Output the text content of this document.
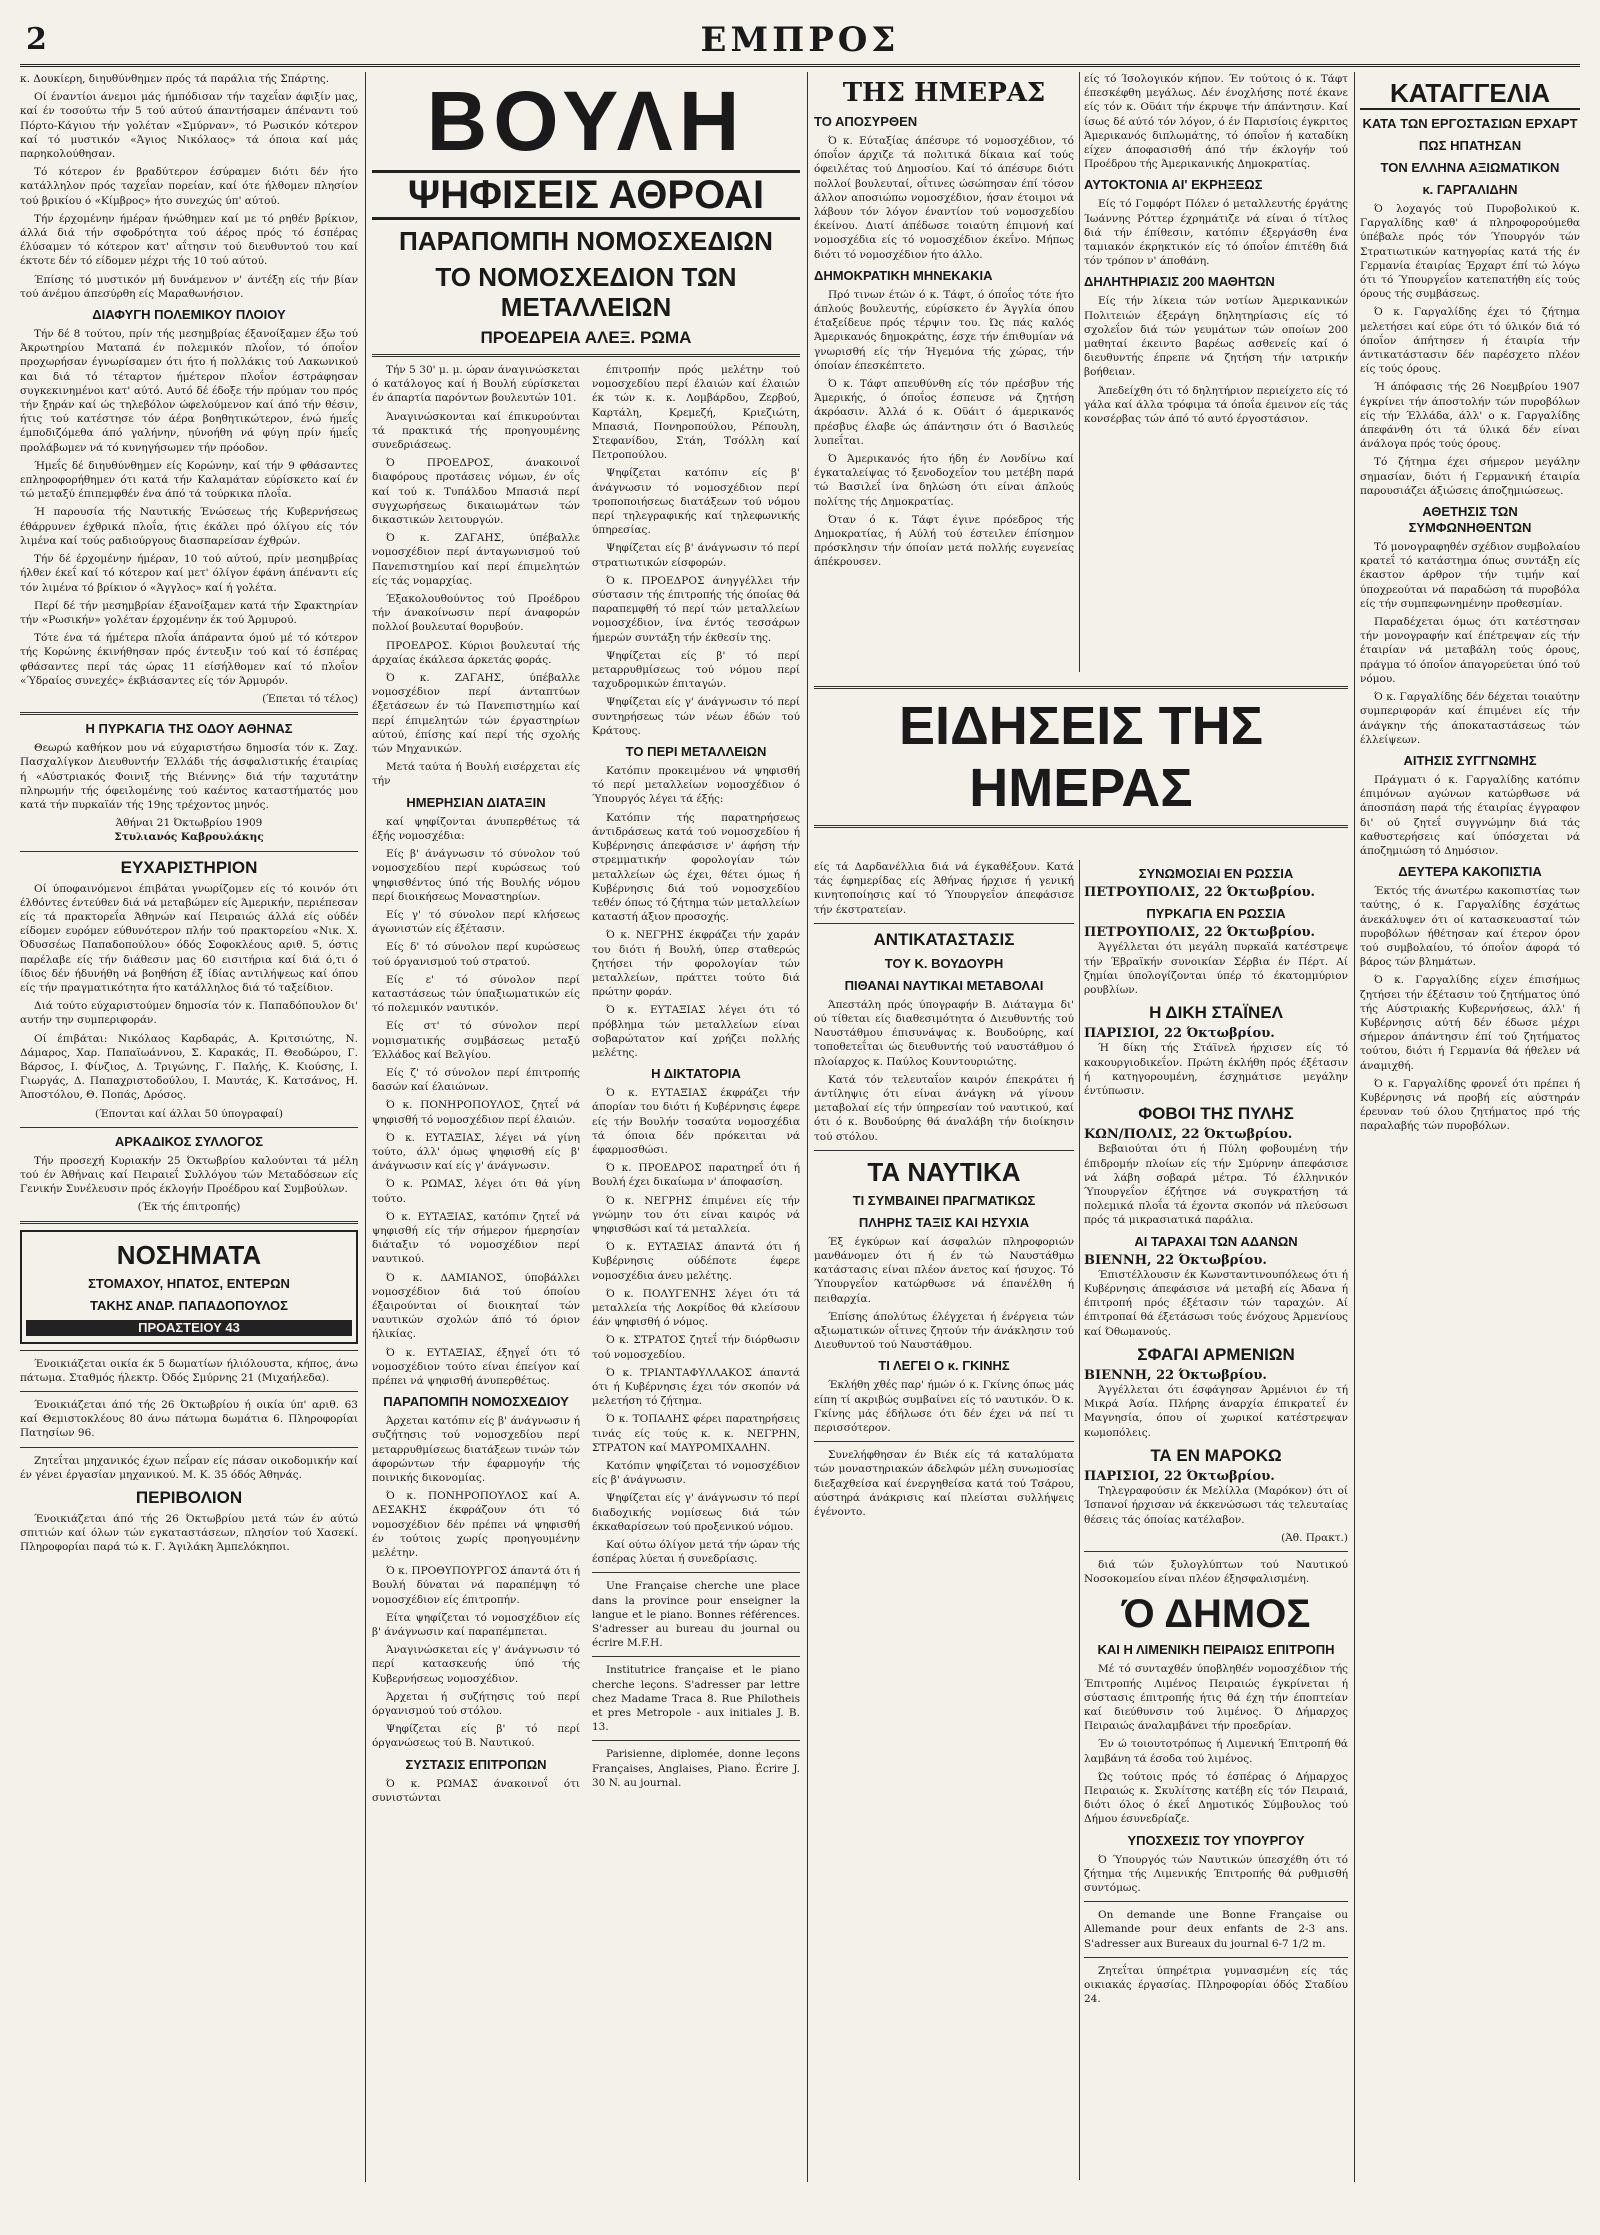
2	ΕΜΠΡΟΣ

κ. Δουκίερη, διηυθύνθημεν πρός τά παράλια τής Σπάρτης.

Οί έναντίοι άνεμοι μάς ήμπόδισαν τήν ταχεΐαν άφιξίν μας, καί έν τοσούτω τήν 5 τού αύτού άπαντήσαμεν άπέναντι τού Πόρτο-Κάγιου τήν γολέταν «Σμύρναν», τό Ρωσικόν κότερον καί τό μυστικόν «Άγιος Νικόλαος» τά όποια καί μάς παρηκολούθησαν.

Τό κότερον έν βραδύτερον έσύραμεν διότι δέν ήτο κατάλληλον πρός ταχεΐαν πορείαν, καί ότε ήλθομεν πλησίον τού βρικίου ό «Κίμβρος» ήτο συνεχώς ύπ' αύτού.

Τήν έρχομένην ήμέραν ήνώθημεν καί με τό ρηθέν βρίκιον, άλλά διά τήν σφοδρότητα τού άέρος πρός τό έσπέρας έλύσαμεν τό κότερον κατ' αΐτησιν τού διευθυντού του καί έκτοτε δέν τό είδομεν μέχρι τής 10 τού αύτού.

Έπίσης τό μυστικόν μή δυνάμενον ν' άντέξη είς τήν βίαν τού άνέμου άπεσύρθη είς Μαραθωνήσιον.

ΔΙΑΦΥΓΗ ΠΟΛΕΜΙΚΟΥ ΠΛΟΙΟΥ

Τήν δέ 8 τούτου, πρίν τής μεσημβρίας έξανοίξαμεν έξω τού Άκρωτηρίου Ματαπά έν πολεμικόν πλοΐον, τό όποΐον προχωρήσαν έγνωρίσαμεν ότι ήτο ή πολλάκις τού Λακωνικού και διά τό τέταρτον ήμέτερον πλοΐον έστράφησαν συγκεκινημένοι κατ' αύτό. Αυτό δέ έδοξε τήν πρύμαν του πρός τήν ξηράν καί ώς τηλεβόλον ώφελούμενον καί άπό τήν θέσιν, ήτις τού κατέστησε τόν άέρα βοηθητικώτερον, ένώ ήμεΐς έμποδιζόμεθα άπό γαλήνην, ηύνοήθη νά φύγη πρίν ήμεΐς προλάβωμεν νά τό κυνηγήσωμεν τήν πρόοδον.

Ήμεΐς δέ διηυθύνθημεν είς Κορώνην, καί τήν 9 φθάσαντες επληροφορήθημεν ότι κατά τήν Καλαμάταν εύρίσκετο καί έν τώ μεταξύ έπιπεμφθέν ένα άπό τά τούρκικα πλοΐα.

Ή παρουσία τής Ναυτικής Ένώσεως τής Κυβερνήσεως έθάρρυνεν έχθρικά πλοΐα, ήτις έκάλει πρό όλίγου είς τόν λιμένα καί τούς ραδιούργους διασπαρείσαν έχθρών.

Τήν δέ έρχομένην ήμέραν, 10 τού αύτού, πρίν μεσημβρίας ήλθεν έκεΐ καί τό κότερον καί μετ' όλίγον έφάνη άπέναντι είς τόν λιμένα τό βρίκιον ό «Άγγλος» καί ή γολέτα.

Περί δέ τήν μεσημβρίαν έξανοίξαμεν κατά τήν Σφακτηρίαν τήν «Ρωσικήν» γολέταν έρχομένην έκ τού Άρμυρού.

Τότε ένα τά ήμέτερα πλοΐα άπάραντα όμού μέ τό κότερον τής Κορώνης έκινήθησαν πρός έντευξιν τού καί τό έσπέρας φθάσαντες περί τάς ώρας 11 είσήλθομεν καί τό πλοΐον «Ύδραίος συνεχές» έκβιάσαντες είς τόν Άρμυρόν.

(Έπεται τό τέλος)
Η ΠΥΡΚΑΓΙΑ ΤΗΣ ΟΔΟΥ ΑΘΗΝΑΣ

Θεωρώ καθήκον μου νά εύχαριστήσω δημοσία τόν κ. Ζαχ. Πασχαλίγκον Διευθυντήν Έλλάδι τής άσφαλιστικής έταιρίας ή «Αύστριακός Φοινιξ τής Βιέννης» διά τήν ταχυτάτην πληρωμήν τής όφειλομένης τού καέντος καταστήματός μου κατά τήν πυρκαϊάν τής 19ης τρέχοντος μηνός.

Άθήναι 21 Όκτωβρίου 1909
Στυλιανός Καβρουλάκης
ΕΥΧΑΡΙΣΤΗΡΙΟΝ

Οί ύποφαινόμενοι έπιβάται γνωρίζομεν είς τό κοινόν ότι έλθόντες έντεύθεν διά νά μεταβώμεν είς Άμερικήν, περιέπεσαν είς τά πρακτορεΐα Άθηνών καί Πειραιώς άλλά είς ούδέν είδομεν ευρόμεν εύθυνότερον πλήν τού πρακτορείου «Νικ. Χ. Όδυσσέως Παπαδοπούλου» όδός Σοφοκλέους αριθ. 5, όστις παρέλαβε είς τήν διάθεσιν μας 60 εισιτήρια καί διά ό,τι ό ίδιος δέν ήδυνήθη νά βοηθήση έξ ίδίας αντιλήψεως καί όπου είς τήν πραγματικότητα ήτο κατάλληλος διά τό ταξείδιον.

Διά τούτο εύχαριστούμεν δημοσία τόν κ. Παπαδόπουλον δι' αυτήν την συμπεριφοράν.

Οί έπιβάται: Νικόλαος Καρδαράς, Α. Κριτσιώτης, Ν. Δάμαρος, Χαρ. Παπαϊωάννου, Σ. Καρακάς, Π. Θεοδώρου, Γ. Βάρσος, Ι. Φίνζιος, Δ. Τριγώνης, Γ. Παλής, Κ. Κιούσης, Ι. Γιωργάς, Δ. Παπαχριστοδούλου, Ι. Μαυτάς, Κ. Κατσάνος, Η. Άποστόλου, Θ. Ποπάς, Δρόσος.

(Έπονται καί άλλαι 50 ύπογραφαί)
ΑΡΚΑΔΙΚΟΣ ΣΥΛΛΟΓΟΣ

Τήν προσεχή Κυριακήν 25 Όκτωβρίου καλούνται τά μέλη τού έν Άθήναις καί Πειραιεΐ Συλλόγου τών Μεταδόσεων είς Γενικήν Συνέλευσιν πρός έκλογήν Προέδρου καί Συμβούλων.

(Έκ τής έπιτροπής)
ΝΟΣΗΜΑΤΑ
ΣΤΟΜΑΧΟΥ, ΗΠΑΤΟΣ, ΕΝΤΕΡΩΝ
ΤΑΚΗΣ ΑΝΔΡ. ΠΑΠΑΔΟΠΟΥΛΟΣ
ΠΡΟΑΣΤΕΙΟΥ 43

Ένοικιάζεται οικία έκ 5 δωματίων ήλιόλουστα, κήπος, άνω πάτωμα. Σταθμός ήλεκτρ. Όδός Σμύρνης 21 (Μιχαήλεδα).

Ένοικιάζεται άπό τής 26 Όκτωβρίου ή οικία ύπ' αριθ. 63 καί Θεμιστοκλέους 80 άνω πάτωμα δωμάτια 6. Πληροφορίαι Πατησίων 96.

Ζητεΐται μηχανικός έχων πεΐραν είς πάσαν οικοδομικήν καί έν γένει έργασίαν μηχανικού. Μ. Κ. 35 όδός Άθηνάς.

ΠΕΡΙΒΟΛΙΟΝ

Ένοικιάζεται άπό τής 26 Όκτωβρίου μετά τών έν αύτώ σπιτιών καί όλων τών εγκαταστάσεων, πλησίον τού Χασεκί. Πληροφορίαι παρά τώ κ. Γ. Άγιλάκη Άμπελόκηποι.

ΒΟΥΛΗ
ΨΗΦΙΣΕΙΣ ΑΘΡΟΑΙ
ΠΑΡΑΠΟΜΠΗ ΝΟΜΟΣΧΕΔΙΩΝ
ΤΟ ΝΟΜΟΣΧΕΔΙΟΝ ΤΩΝ ΜΕΤΑΛΛΕΙΩΝ
ΠΡΟΕΔΡΕΙΑ ΑΛΕΞ. ΡΩΜΑ

Τήν 5 30' μ. μ. ώραν άναγινώσκεται ό κατάλογος καί ή Βουλή εύρίσκεται έν άπαρτία παρόντων βουλευτών 101.

Άναγινώσκονται καί έπικυρούνται τά πρακτικά τής προηγουμένης συνεδριάσεως.

Ό ΠΡΟΕΔΡΟΣ, άνακοινοΐ διαφόρους προτάσεις νόμων, έν οΐς καί τού κ. Τυπάλδου Μπασιά περί συγχωρήσεως δικαιωμάτων τών δικαστικών λειτουργών.

Ό κ. ΖΑΓΑΗΣ, ύπέβαλλε νομοσχέδιον περί άνταγωνισμού τού Πανεπιστημίου καί περί έπιμελητών είς τάς νομαρχίας.

Έξακολουθούντος τού Προέδρου τήν άνακοίνωσιν περί άναφορών πολλοί βουλευταί θορυβούν.

ΠΡΟΕΔΡΟΣ. Κύριοι βουλευταί τής άρχαίας έκάλεσα άρκετάς φοράς.

Ό κ. ΖΑΓΑΗΣ, ύπέβαλλε νομοσχέδιον περί άνταπτύων έξετάσεων έν τώ Πανεπιστημίω καί περί έπιμελητών τών έργαστηρίων αύτού, έπίσης καί περί τής σχολής τών Μηχανικών.

Μετά ταύτα ή Βουλή εισέρχεται είς τήν

ΗΜΕΡΗΣΙΑΝ ΔΙΑΤΑΞΙΝ

καί ψηφίζονται άνυπερθέτως τά έξής νομοσχέδια:

Είς β' άνάγνωσιν τό σύνολον τού νομοσχεδίου περί κυρώσεως τού ψηφισθέντος ύπό τής Βουλής νόμου περί διοικήσεως Μοναστηρίων.

Είς γ' τό σύνολον περί κλήσεως άγωνιστών είς έξέτασιν.

Είς δ' τό σύνολον περί κυρώσεως τού όργανισμού τού στρατού.

Είς ε' τό σύνολον περί καταστάσεως τών ύπαξιωματικών είς τό πολεμικόν ναυτικόν.

Είς στ' τό σύνολον περί νομισματικής συμβάσεως μεταξύ Έλλάδος καί Βελγίου.

Είς ζ' τό σύνολον περί έπιτροπής δασών καί έλαιώνων.

Ό κ. ΠΟΝΗΡΟΠΟΥΛΟΣ, ζητεΐ νά ψηφισθή τό νομοσχέδιον περί έλαιών.

Ό κ. ΕΥΤΑΞΙΑΣ, λέγει νά γίνη τούτο, άλλ' όμως ψηφισθή είς β' άνάγνωσιν καί είς γ' άνάγνωσιν.

Ό κ. ΡΩΜΑΣ, λέγει ότι θά γίνη τούτο.

Ό κ. ΕΥΤΑΞΙΑΣ, κατόπιν ζητεΐ νά ψηφισθή είς τήν σήμερον ήμερησίαν διάταξιν τό νομοσχέδιον περί ναυτικού.

Ό κ. ΔΑΜΙΑΝΟΣ, ύποβάλλει νομοσχέδιον διά τού όποίου έξαιρούνται οί διοικηταί τών ναυτικών σχολών άπό τό όριον ήλικίας.

Ό κ. ΕΥΤΑΞΙΑΣ, έξηγεΐ ότι τό νομοσχέδιον τούτο είναι έπείγον καί πρέπει νά ψηφισθή άνυπερθέτως.

ΠΑΡΑΠΟΜΠΗ ΝΟΜΟΣΧΕΔΙΟΥ

Άρχεται κατόπιν είς β' άνάγνωσιν ή συζήτησις τού νομοσχεδίου περί μεταρρυθμίσεως διατάξεων τινών τών άφορώντων τήν έφαρμογήν τής ποινικής δικονομίας.

Ό κ. ΠΟΝΗΡΟΠΟΥΛΟΣ καί Α. ΔΕΣΑΚΗΣ έκφράζουν ότι τό νομοσχέδιον δέν πρέπει νά ψηφισθή έν τούτοις χωρίς προηγουμένην μελέτην.

Ό κ. ΠΡΟΘΥΠΟΥΡΓΟΣ άπαντά ότι ή Βουλή δύναται νά παραπέμψη τό νομοσχέδιον είς έπιτροπήν.

Είτα ψηφίζεται τό νομοσχέδιον είς β' άνάγνωσιν καί παραπέμπεται.

Άναγινώσκεται είς γ' άνάγνωσιν τό περί κατασκευής ύπό τής Κυβερνήσεως νομοσχέδιον.

Άρχεται ή συζήτησις τού περί όργανισμού τού στόλου.

Ψηφίζεται είς β' τό περί όργανώσεως τού Β. Ναυτικού.

ΣΥΣΤΑΣΙΣ ΕΠΙΤΡΟΠΩΝ

Ό κ. ΡΩΜΑΣ άνακοινοΐ ότι συνιστώνται

έπιτροπήν πρός μελέτην τού νομοσχεδίου περί έλαιών καί έλαιών έκ τών κ. κ. Λομβάρδου, Ζερβού, Καρτάλη, Κρεμεζή, Κριεζιώτη, Μπασιά, Πονηροπούλου, Ρέπουλη, Στεφανίδου, Στάη, Τσόλλη καί Πετροπούλου.

Ψηφίζεται κατόπιν είς β' άνάγνωσιν τό νομοσχέδιον περί τροποποιήσεως διατάξεων τού νόμου περί τηλεγραφικής καί τηλεφωνικής ύπηρεσίας.

Ψηφίζεται είς β' άνάγνωσιν τό περί στρατιωτικών είσφορών.

Ό κ. ΠΡΟΕΔΡΟΣ άνηγγέλλει τήν σύστασιν τής έπιτροπής τής όποίας θά παραπεμφθή τό περί τών μεταλλείων νομοσχέδιον, ίνα έντός τεσσάρων ήμερών συντάξη τήν έκθεσίν της.

Ψηφίζεται είς β' τό περί μεταρρυθμίσεως τού νόμου περί ταχυδρομικών έπιταγών.

Ψηφίζεται είς γ' άνάγνωσιν τό περί συντηρήσεως τών νέων έδών τού Κράτους.

ΤΟ ΠΕΡΙ ΜΕΤΑΛΛΕΙΩΝ

Κατόπιν προκειμένου νά ψηφισθή τό περί μεταλλείων νομοσχέδιον ό Ύπουργός λέγει τά έξής:

Κατόπιν τής παρατηρήσεως άντιδράσεως κατά τού νομοσχεδίου ή Κυβέρνησις άπεφάσισε ν' άφήση τήν στρεμματικήν φορολογίαν τών μεταλλείων ώς έχει, θέτει όμως ή Κυβέρνησις διά τού νομοσχεδίου τεθέν όπως τό ζήτημα τών μεταλλείων καταστή άξιον προσοχής.

Ό κ. ΝΕΓΡΗΣ έκφράζει τήν χαράν του διότι ή Βουλή, ύπερ σταθερώς ζητήσει τήν φορολογίαν τών μεταλλείων, πράττει τούτο διά πρώτην φοράν.

Ό κ. ΕΥΤΑΞΙΑΣ λέγει ότι τό πρόβλημα τών μεταλλείων είναι σοβαρώτατον καί χρήζει πολλής μελέτης.

Η ΔΙΚΤΑΤΟΡΙΑ

Ό κ. ΕΥΤΑΞΙΑΣ έκφράζει τήν άπορίαν του διότι ή Κυβέρνησις έφερε είς τήν Βουλήν τοσαύτα νομοσχέδια τά όποια δέν πρόκειται νά έφαρμοσθώσι.

Ό κ. ΠΡΟΕΔΡΟΣ παρατηρεΐ ότι ή Βουλή έχει δικαίωμα ν' άποφασίση.

Ό κ. ΝΕΓΡΗΣ έπιμένει είς τήν γνώμην του ότι είναι καιρός νά ψηφισθώσι καί τά μεταλλεία.

Ό κ. ΕΥΤΑΞΙΑΣ άπαντά ότι ή Κυβέρνησις ούδέποτε έφερε νομοσχέδια άνευ μελέτης.

Ό κ. ΠΟΛΥΓΕΝΗΣ λέγει ότι τά μεταλλεία τής Λοκρίδος θά κλείσουν έάν ψηφισθή ό νόμος.

Ό κ. ΣΤΡΑΤΟΣ ζητεΐ τήν διόρθωσιν τού νομοσχεδίου.

Ό κ. ΤΡΙΑΝΤΑΦΥΛΛΑΚΟΣ άπαντά ότι ή Κυβέρνησις έχει τόν σκοπόν νά μελετήση τό ζήτημα.

Ό κ. ΤΟΠΑΛΗΣ φέρει παρατηρήσεις τινάς είς τούς κ. κ. ΝΕΓΡΗΝ, ΣΤΡΑΤΟΝ καί ΜΑΥΡΟΜΙΧΑΛΗΝ.

Κατόπιν ψηφίζεται τό νομοσχέδιον είς β' άνάγνωσιν.

Ψηφίζεται είς γ' άνάγνωσιν τό περί διαδοχικής νομίσεως διά τών έκκαθαρίσεων τού προξενικού νόμου.

Καί ούτω όλίγον μετά τήν ώραν τής έσπέρας λύεται ή συνεδρίασις.

Une Française cherche une place dans la province pour enseigner la langue et le piano. Bonnes références. S'adresser au bureau du journal ou écrire M.F.H.

Institutrice française et le piano cherche leçons. S'adresser par lettre chez Madame Traca 8. Rue Philotheis et pres Metropole - aux initiales J. B. 13.

Parisienne, diplomée, donne leçons Françaises, Anglaises, Piano. Écrire J. 30 N. au journal.

ΤΗΣ ΗΜΕΡΑΣ
ΤΟ ΑΠΟΣΥΡΘΕΝ

Ό κ. Εύταξίας άπέσυρε τό νομοσχέδιον, τό όποΐον άρχιζε τά πολιτικά δίκαια καί τούς όφειλέτας τού Δημοσίου. Καί τό άπέσυρε διότι πολλοί βουλευταί, οΐτινες ώσώπησαν έπί τόσον άλλον αποσιώπω νομοσχέδιον, ήσαν έτοιμοι νά λάβουν τόν λόγον έναντίον τού νομοσχεδίου έκείνου. Διατί άπέδωσε τοιαύτη έπιμονή καί νομοσχέδια είς τό νομοσχέδιον έκεΐνο. Μήπως διότι τό νομοσχέδιον ήτο άλλο.

ΔΗΜΟΚΡΑΤΙΚΗ ΜΗΝΕΚΑΚΙΑ

Πρό τινων έτών ό κ. Τάφτ, ό όποΐος τότε ήτο άπλούς βουλευτής, εύρίσκετο έν Άγγλία όπου έταξείδευε πρός τέρψιν του. Ώς πάς καλός Άμερικανός δημοκράτης, έσχε τήν έπιθυμίαν νά γνωρισθή είς τήν Ήγεμόνα τής χώρας, τήν όποίαν έπεσκέπτετο.

Ό κ. Τάφτ απευθύνθη είς τόν πρέσβυν τής Άμερικής, ό όποΐος έσπευσε νά ζητήση άκρόασιν. Άλλά ό κ. Οϋάιτ ό άμερικανός πρέσβυς έλαβε ώς άπάντησιν ότι ό Βασιλεύς λυπεΐται.

Ό Άμερικανός ήτο ήδη έν Λονδίνω καί έγκαταλείψας τό ξενοδοχεΐον του μετέβη παρά τώ Βασιλεΐ ίνα δηλώση ότι είναι άπλούς πολίτης τής Δημοκρατίας.

Όταν ό κ. Τάφτ έγινε πρόεδρος τής Δημοκρατίας, ή Αύλή τού έστειλεν έπίσημον πρόσκλησιν τήν όποίαν μετά πολλής ευγενείας άπέκρουσεν.

είς τό Ίσολογικόν κήπον. Έν τούτοις ό κ. Τάφτ έπεσκέφθη μεγάλως. Δέν ένοχλήσης ποτέ έκανε είς τόν κ. Οϋάιτ τήν έκρυψε τήν άπάντησιν. Καί ίσως δέ αύτό τόν λόγον, ό έν Παρισίοις έγκριτος Άμερικανός διπλωμάτης, τό όποΐον ή καταδίκη είχεν άποφασισθή άπό τήν έκλογήν τού Προέδρου τής Άμερικανικής Δημοκρατίας.

ΑΥΤΟΚΤΟΝΙΑ ΑΙ' ΕΚΡΗΞΕΩΣ

Είς τό Γομφόρτ Πόλεν ό μεταλλευτής έργάτης Ίωάννης Ρόττερ έχρημάτιζε νά είναι ό τίτλος διά τήν έπίθεσιν, κατόπιν έξεργάσθη ένα ταμιακόν έκρηκτικόν είς τό όποΐον έπιτέθη διά τόν τρόπον ν' άποθάνη.

ΔΗΛΗΤΗΡΙΑΣΙΣ 200 ΜΑΘΗΤΩΝ

Είς τήν λίκεια τών νοτίων Άμερικανικών Πολιτειών έξεράγη δηλητηρίασις είς τό σχολεΐον διά τών γευμάτων τών οποίων 200 μαθηταί έκειντο βαρέως ασθενείς καί ό διευθυντής έπρεπε νά ζητήση τήν ιατρικήν βοήθειαν.

Άπεδείχθη ότι τό δηλητήριον περιείχετο είς τό γάλα καί άλλα τρόφιμα τά όποΐα έμεινον είς τάς κονσέρβας τών άπό τό αυτό έργοστάσιον.

ΕΙΔΗΣΕΙΣ ΤΗΣ ΗΜΕΡΑΣ

είς τά Δαρδανέλλια διά νά έγκαθέξουν. Κατά τάς έφημερίδας είς Άθήνας ήρχισε ή γενική κινητοποίησις καί τό Ύπουργεΐον άπεφάσισε τήν έκστρατείαν.

ΑΝΤΙΚΑΤΑΣΤΑΣΙΣ
ΤΟΥ Κ. ΒΟΥΔΟΥΡΗ
ΠΙΘΑΝΑΙ ΝΑΥΤΙΚΑΙ ΜΕΤΑΒΟΛΑΙ

Άπεστάλη πρός ύπογραφήν Β. Διάταγμα δι' ού τίθεται είς διαθεσιμότητα ό Διευθυντής τού Ναυστάθμου έπισυνάψας κ. Βουδούρης, καί τοποθετεΐται ώς διευθυντής τού ναυστάθμου ό πλοίαρχος κ. Παύλος Κουντουριώτης.

Κατά τόν τελευταΐον καιρόν έπεκράτει ή άντίληψις ότι είναι άνάγκη νά γίνουν μεταβολαί είς τήν ύπηρεσίαν τού ναυτικού, καί ότι ό κ. Βουδούρης θά άναλάβη τήν διοίκησιν τού στόλου.

ΤΑ ΝΑΥΤΙΚΑ
ΤΙ ΣΥΜΒΑΙΝΕΙ ΠΡΑΓΜΑΤΙΚΩΣ
ΠΛΗΡΗΣ ΤΑΞΙΣ ΚΑΙ ΗΣΥΧΙΑ

Έξ έγκύρων καί άσφαλών πληροφοριών μανθάνομεν ότι ή έν τώ Ναυστάθμω κατάστασις είναι πλέον άνετος καί ήσυχος. Τό Ύπουργεΐον κατώρθωσε νά έπανέλθη ή πειθαρχία.

Έπίσης άπολύτως έλέγχεται ή ένέργεια τών αξιωματικών οΐτινες ζητούν τήν άνάκλησιν τού Διευθυντού τού Ναυστάθμου.

ΤΙ ΛΕΓΕΙ Ο κ. ΓΚΙΝΗΣ

Έκλήθη χθές παρ' ήμών ό κ. Γκίνης όπως μάς είπη τί ακριβώς συμβαίνει είς τό ναυτικόν. Ό κ. Γκίνης μάς έδήλωσε ότι δέν έχει νά πεί τι περισσότερον.

Συνελήφθησαν έν Βιέκ είς τά καταλύματα τών μοναστηριακών άδελφών μέλη συνωμοσίας διεξαχθείσα καί ένεργηθείσα κατά τού Τσάρου, αύστηρά άνάκρισις καί πλείσται συλλήψεις έγένοντο.

ΣΥΝΩΜΟΣΙΑΙ ΕΝ ΡΩΣΣΙΑ
ΠΕΤΡΟΥΠΟΛΙΣ, 22 Όκτωβρίου.
ΠΥΡΚΑΓΙΑ ΕΝ ΡΩΣΣΙΑ
ΠΕΤΡΟΥΠΟΛΙΣ, 22 Όκτωβρίου.

Άγγέλλεται ότι μεγάλη πυρκαϊά κατέστρεψε τήν Έβραϊκήν συνοικίαν Σέρβια έν Πέρτ. Αί ζημίαι ύπολογίζονται ύπέρ τό έκατομμύριον ρουβλίων.

Η ΔΙΚΗ ΣΤΑΪΝΕΛ
ΠΑΡΙΣΙΟΙ, 22 Όκτωβρίου.

Ή δίκη τής Στάϊνελ ήρχισεν είς τό κακουργιοδικεΐον. Πρώτη έκλήθη πρός έξέτασιν ή κατηγορουμένη, έσχημάτισε μεγάλην έντύπωσιν.

ΦΟΒΟΙ ΤΗΣ ΠΥΛΗΣ
ΚΩΝ/ΠΟΛΙΣ, 22 Όκτωβρίου.

Βεβαιούται ότι ή Πύλη φοβουμένη τήν έπιδρομήν πλοίων είς τήν Σμύρνην άπεφάσισε νά λάβη σοβαρά μέτρα. Τό έλληνικόν Ύπουργεΐον έζήτησε νά συγκρατήση τά πολεμικά πλοΐα τά έχοντα σκοπόν νά πλεύσωσι πρός τά μικρασιατικά παράλια.

ΑΙ ΤΑΡΑΧΑΙ ΤΩΝ ΑΔΑΝΩΝ
ΒΙΕΝΝΗ, 22 Όκτωβρίου.

Έπιστέλλουσιν έκ Κωνσταντινουπόλεως ότι ή Κυβέρνησις άπεφάσισε νά μεταβή είς Άδανα ή έπιτροπή πρός έξέτασιν τών ταραχών. Αί έπιτροπαί θά έξετάσωσι τούς ένόχους Άρμενίους καί Όθωμανούς.

ΣΦΑΓΑΙ ΑΡΜΕΝΙΩΝ
ΒΙΕΝΝΗ, 22 Όκτωβρίου.

Άγγέλλεται ότι έσφάγησαν Άρμένιοι έν τή Μικρά Άσία. Πλήρης άναρχία έπικρατεΐ έν Μαγνησία, όπου οί χωρικοί κατέστρεψαν κωμοπόλεις.

ΤΑ ΕΝ ΜΑΡΟΚΩ
ΠΑΡΙΣΙΟΙ, 22 Όκτωβρίου.

Τηλεγραφούσιν έκ Μελίλλα (Μαρόκον) ότι οί Ίσπανοί ήρχισαν νά έκκενώσωσι τάς τελευταίας θέσεις τάς όποίας κατέλαβον.

(Άθ. Πρακτ.)

διά τών ξυλογλύπτων τού Ναυτικού Νοσοκομείου είναι πλέον έξησφαλισμένη.

Ό ΔΗΜΟΣ
ΚΑΙ Η ΛΙΜΕΝΙΚΗ ΠΕΙΡΑΙΩΣ ΕΠΙΤΡΟΠΗ

Μέ τό συνταχθέν ύποβληθέν νομοσχέδιον τής Έπιτροπής Λιμένος Πειραιώς έγκρίνεται ή σύστασις έπιτροπής ήτις θά έχη τήν έποπτείαν καί διεύθυνσιν τού λιμένος. Ό Δήμαρχος Πειραιώς άναλαμβάνει τήν προεδρίαν.

Έν ώ τοιουτοτρόπως ή Λιμενική Έπιτροπή θά λαμβάνη τά έσοδα τού λιμένος.

Ώς τούτοις πρός τό έσπέρας ό Δήμαρχος Πειραιώς κ. Σκυλίτσης κατέβη είς τόν Πειραιά, διότι όλος ό έκεΐ Δημοτικός Σύμβουλος τού Δήμου έσυνεδρίαζε.

ΥΠΟΣΧΕΣΙΣ ΤΟΥ ΥΠΟΥΡΓΟΥ

Ό Ύπουργός τών Ναυτικών ύπεσχέθη ότι τό ζήτημα τής Λιμενικής Έπιτροπής θά ρυθμισθή συντόμως.

On demande une Bonne Française ou Allemande pour deux enfants de 2-3 ans. S'adresser aux Bureaux du journal 6-7 1/2 m.

Ζητεΐται ύπηρέτρια γυμνασμένη είς τάς οικιακάς έργασίας. Πληροφορίαι όδός Σταδίου 24.

ΚΑΤΑΓΓΕΛΙΑ
ΚΑΤΑ ΤΩΝ ΕΡΓΟΣΤΑΣΙΩΝ ΕΡΧΑΡΤ
ΠΩΣ ΗΠΑΤΗΣΑΝ
ΤΟΝ ΕΛΛΗΝΑ ΑΞΙΩΜΑΤΙΚΟΝ
κ. ΓΑΡΓΑΛΙΔΗΝ

Ό λοχαγός τού Πυροβολικού κ. Γαργαλίδης καθ' ά πληροφορούμεθα ύπέβαλε πρός τόν Ύπουργόν τών Στρατιωτικών κατηγορίας κατά τής έν Γερμανία έταιρίας Έρχαρτ έπί τώ λόγω ότι τό Ύπουργεΐον κατεπατήθη είς τούς όρους τής συμβάσεως.

Ό κ. Γαργαλίδης έχει τό ζήτημα μελετήσει καί εύρε ότι τό ύλικόν διά τό όποΐον άπήτησεν ή έταιρία τήν άντικατάστασιν δέν παρέσχετο πλέον είς τούς όρους.

Ή άπόφασις τής 26 Νοεμβρίου 1907 έγκρίνει τήν άποστολήν τών πυροβόλων είς τήν Έλλάδα, άλλ' ο κ. Γαργαλίδης άπεφάνθη ότι τά ύλικά δέν είναι άνάλογα πρός τούς όρους.

Τό ζήτημα έχει σήμερον μεγάλην σημασίαν, διότι ή Γερμανική έταιρία παρουσιάζει άξιώσεις άποζημιώσεως.

ΑΘΕΤΗΣΙΣ ΤΩΝ ΣΥΜΦΩΝΗΘΕΝΤΩΝ

Τό μονογραφηθέν σχέδιον συμβολαίου κρατεΐ τό κατάστημα όπως συντάξη είς έκαστον άρθρον τήν τιμήν καί ύποχρεούται νά παραδώση τά πυροβόλα είς τήν συμπεφωνημένην προθεσμίαν.

Παραδέχεται όμως ότι κατέστησαν τήν μονογραφήν καί έπέτρεψαν είς τήν έταιρίαν νά μεταβάλη τούς όρους, πράγμα τό όποΐον άπαγορεύεται ύπό τού νόμου.

Ό κ. Γαργαλίδης δέν δέχεται τοιαύτην συμπεριφοράν καί έπιμένει είς τήν άνάγκην τής άποκαταστάσεως τών έλλείψεων.

ΑΙΤΗΣΙΣ ΣΥΓΓΝΩΜΗΣ

Πράγματι ό κ. Γαργαλίδης κατόπιν έπιμόνων αγώνων κατώρθωσε νά άποσπάση παρά τής έταιρίας έγγραφον δι' ού ζητεΐ συγγνώμην διά τάς καθυστερήσεις καί ύπόσχεται νά άποζημιώση τό Δημόσιον.

ΔΕΥΤΕΡΑ ΚΑΚΟΠΙΣΤΙΑ

Έκτός τής άνωτέρω κακοπιστίας των ταύτης, ό κ. Γαργαλίδης έσχάτως άνεκάλυψεν ότι οί κατασκευασταί τών πυροβόλων ήθέτησαν καί έτερον όρον τού συμβολαίου, τό όποΐον άφορά τό βάρος τών βλημάτων.

Ό κ. Γαργαλίδης είχεν έπισήμως ζητήσει τήν έξέτασιν τού ζητήματος ύπό τής Αύστριακής Κυβερνήσεως, άλλ' ή Κυβέρνησις αύτή δέν έδωσε μέχρι σήμερον άπάντησιν έπί τού ζητήματος τούτου, διότι ή Γερμανία θά ήθελεν νά άναμιχθή.

Ό κ. Γαργαλίδης φρονεΐ ότι πρέπει ή Κυβέρνησις νά προβή είς αύστηράν έρευναν τού όλου ζητήματος πρό τής παραλαβής τών πυροβόλων.
